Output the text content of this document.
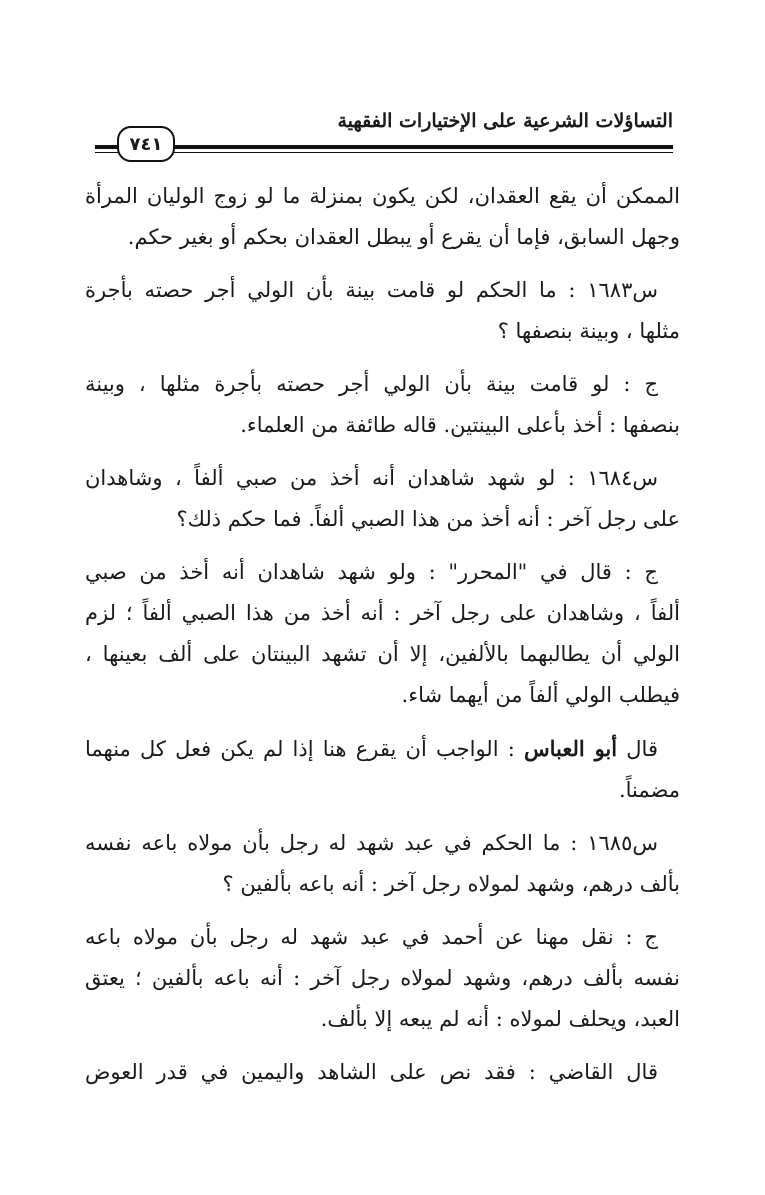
التساؤلات الشرعية على الإختيارات الفقهية
٧٤١

الممكن أن يقع العقدان، لكن يكون بمنزلة ما لو زوج الوليان المرأة
وجهل السابق، فإما أن يقرع أو يبطل العقدان بحكم أو بغير حكم.

س١٦٨٣ : ما الحكم لو قامت بينة بأن الولي أجر حصته بأجرة
مثلها ، وبينة بنصفها ؟

ج : لو قامت بينة بأن الولي أجر حصته بأجرة مثلها ، وبينة
بنصفها : أخذ بأعلى البينتين. قاله طائفة من العلماء.

س١٦٨٤ : لو شهد شاهدان أنه أخذ من صبي ألفاً ، وشاهدان
على رجل آخر : أنه أخذ من هذا الصبي ألفاً. فما حكم ذلك؟

ج : قال في "المحرر" : ولو شهد شاهدان أنه أخذ من صبي
ألفاً ، وشاهدان على رجل آخر : أنه أخذ من هذا الصبي ألفاً ؛ لزم
الولي أن يطالبهما بالألفين، إلا أن تشهد البينتان على ألف بعينها ،
فيطلب الولي ألفاً من أيهما شاء.

قال أبو العباس : الواجب أن يقرع هنا إذا لم يكن فعل كل منهما
مضمناً.

س١٦٨٥ : ما الحكم في عبد شهد له رجل بأن مولاه باعه نفسه
بألف درهم، وشهد لمولاه رجل آخر : أنه باعه بألفين ؟

ج : نقل مهنا عن أحمد في عبد شهد له رجل بأن مولاه باعه
نفسه بألف درهم، وشهد لمولاه رجل آخر : أنه باعه بألفين ؛ يعتق
العبد، ويحلف لمولاه : أنه لم يبعه إلا بألف.

قال القاضي : فقد نص على الشاهد واليمين في قدر العوض
